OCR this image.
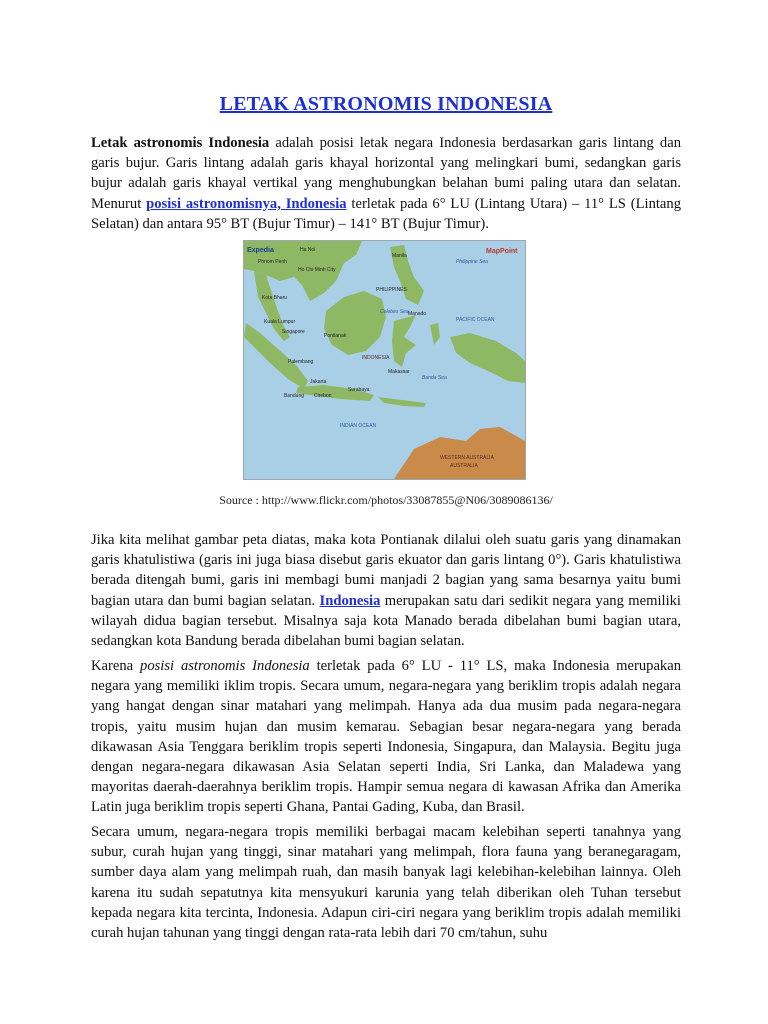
LETAK ASTRONOMIS INDONESIA

Letak astronomis Indonesia adalah posisi letak negara Indonesia berdasarkan garis lintang dan garis bujur. Garis lintang adalah garis khayal horizontal yang melingkari bumi, sedangkan garis bujur adalah garis khayal vertikal yang menghubungkan belahan bumi paling utara dan selatan. Menurut posisi astronomisnya, Indonesia terletak pada 6° LU (Lintang Utara) – 11° LS (Lintang Selatan) dan antara 95° BT (Bujur Timur) – 141° BT (Bujur Timur).

Expedia	MapPoint
Ha Noi
Phnom Penh
Ho Chi Minh City
Philippine Sea
PHILIPPINES
Manila
Kota Bharu
Kuala Lumpur
Singapore
Pontianak
Palembang
Jakarta
Bandung Cirebon
Surabaya
Makassar
Manado
Celebes Sea
Banda Sea
PACIFIC OCEAN
INDIAN OCEAN
INDONESIA
WESTERN AUSTRALIA
AUSTRALIA
Source : http://www.flickr.com/photos/33087855@N06/3089086136/

Jika kita melihat gambar peta diatas, maka kota Pontianak dilalui oleh suatu garis yang dinamakan garis khatulistiwa (garis ini juga biasa disebut garis ekuator dan garis lintang 0°). Garis khatulistiwa berada ditengah bumi, garis ini membagi bumi manjadi 2 bagian yang sama besarnya yaitu bumi bagian utara dan bumi bagian selatan. Indonesia merupakan satu dari sedikit negara yang memiliki wilayah didua bagian tersebut. Misalnya saja kota Manado berada dibelahan bumi bagian utara, sedangkan kota Bandung berada dibelahan bumi bagian selatan.

Karena posisi astronomis Indonesia terletak pada 6° LU - 11° LS, maka Indonesia merupakan negara yang memiliki iklim tropis. Secara umum, negara-negara yang beriklim tropis adalah negara yang hangat dengan sinar matahari yang melimpah. Hanya ada dua musim pada negara-negara tropis, yaitu musim hujan dan musim kemarau. Sebagian besar negara-negara yang berada dikawasan Asia Tenggara beriklim tropis seperti Indonesia, Singapura, dan Malaysia. Begitu juga dengan negara-negara dikawasan Asia Selatan seperti India, Sri Lanka, dan Maladewa yang mayoritas daerah-daerahnya beriklim tropis. Hampir semua negara di kawasan Afrika dan Amerika Latin juga beriklim tropis seperti Ghana, Pantai Gading, Kuba, dan Brasil.

Secara umum, negara-negara tropis memiliki berbagai macam kelebihan seperti tanahnya yang subur, curah hujan yang tinggi, sinar matahari yang melimpah, flora fauna yang beranegaragam, sumber daya alam yang melimpah ruah, dan masih banyak lagi kelebihan-kelebihan lainnya. Oleh karena itu sudah sepatutnya kita mensyukuri karunia yang telah diberikan oleh Tuhan tersebut kepada negara kita tercinta, Indonesia. Adapun ciri-ciri negara yang beriklim tropis adalah memiliki curah hujan tahunan yang tinggi dengan rata-rata lebih dari 70 cm/tahun, suhu
